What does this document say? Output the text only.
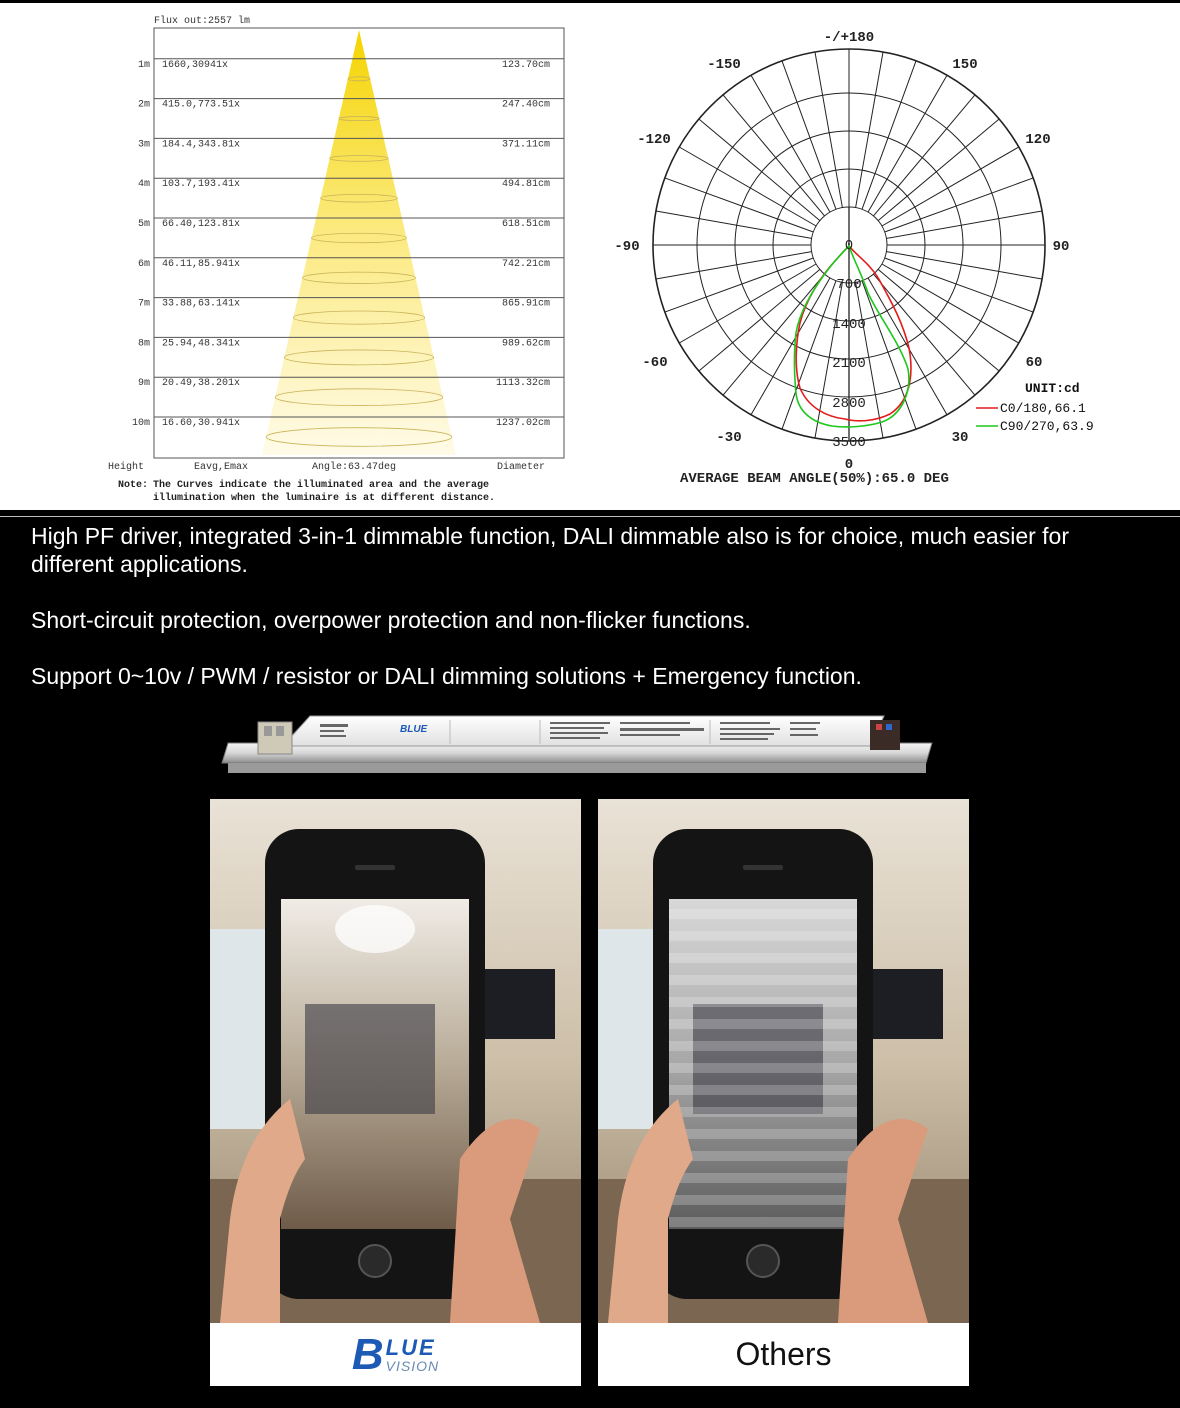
Flux out:2557 lm
1m 1660,30941x	123.70cm
2m 415.0,773.51x	247.40cm
3m 184.4,343.81x	371.11cm
4m 103.7,193.41x	494.81cm
5m 66.40,123.81x	618.51cm
6m 46.11,85.941x	742.21cm
7m 33.88,63.141x	865.91cm
8m 25.94,48.341x	989.62cm
9m 20.49,38.201x	1113.32cm
10m 16.60,30.941x	1237.02cm
Height	Eavg,Emax	Angle:63.47deg	Diameter
Note: The Curves indicate the illuminated area and the average
illumination when the luminaire is at different distance.
-/+180
-150	150
-120	120
-90	90
-60	60
-30	30
0
0
700
1400
2100
2800
3500
UNIT:cd
C0/180,66.1
C90/270,63.9
AVERAGE BEAM ANGLE(50%):65.0 DEG

High PF driver, integrated 3-in-1 dimmable function, DALI dimmable also is for choice, much easier for different applications.

Short-circuit protection, overpower protection and non-flicker functions.

Support 0~10v / PWM / resistor or DALI dimming solutions + Emergency function.

BLUE
B LUE
VISION	Others
